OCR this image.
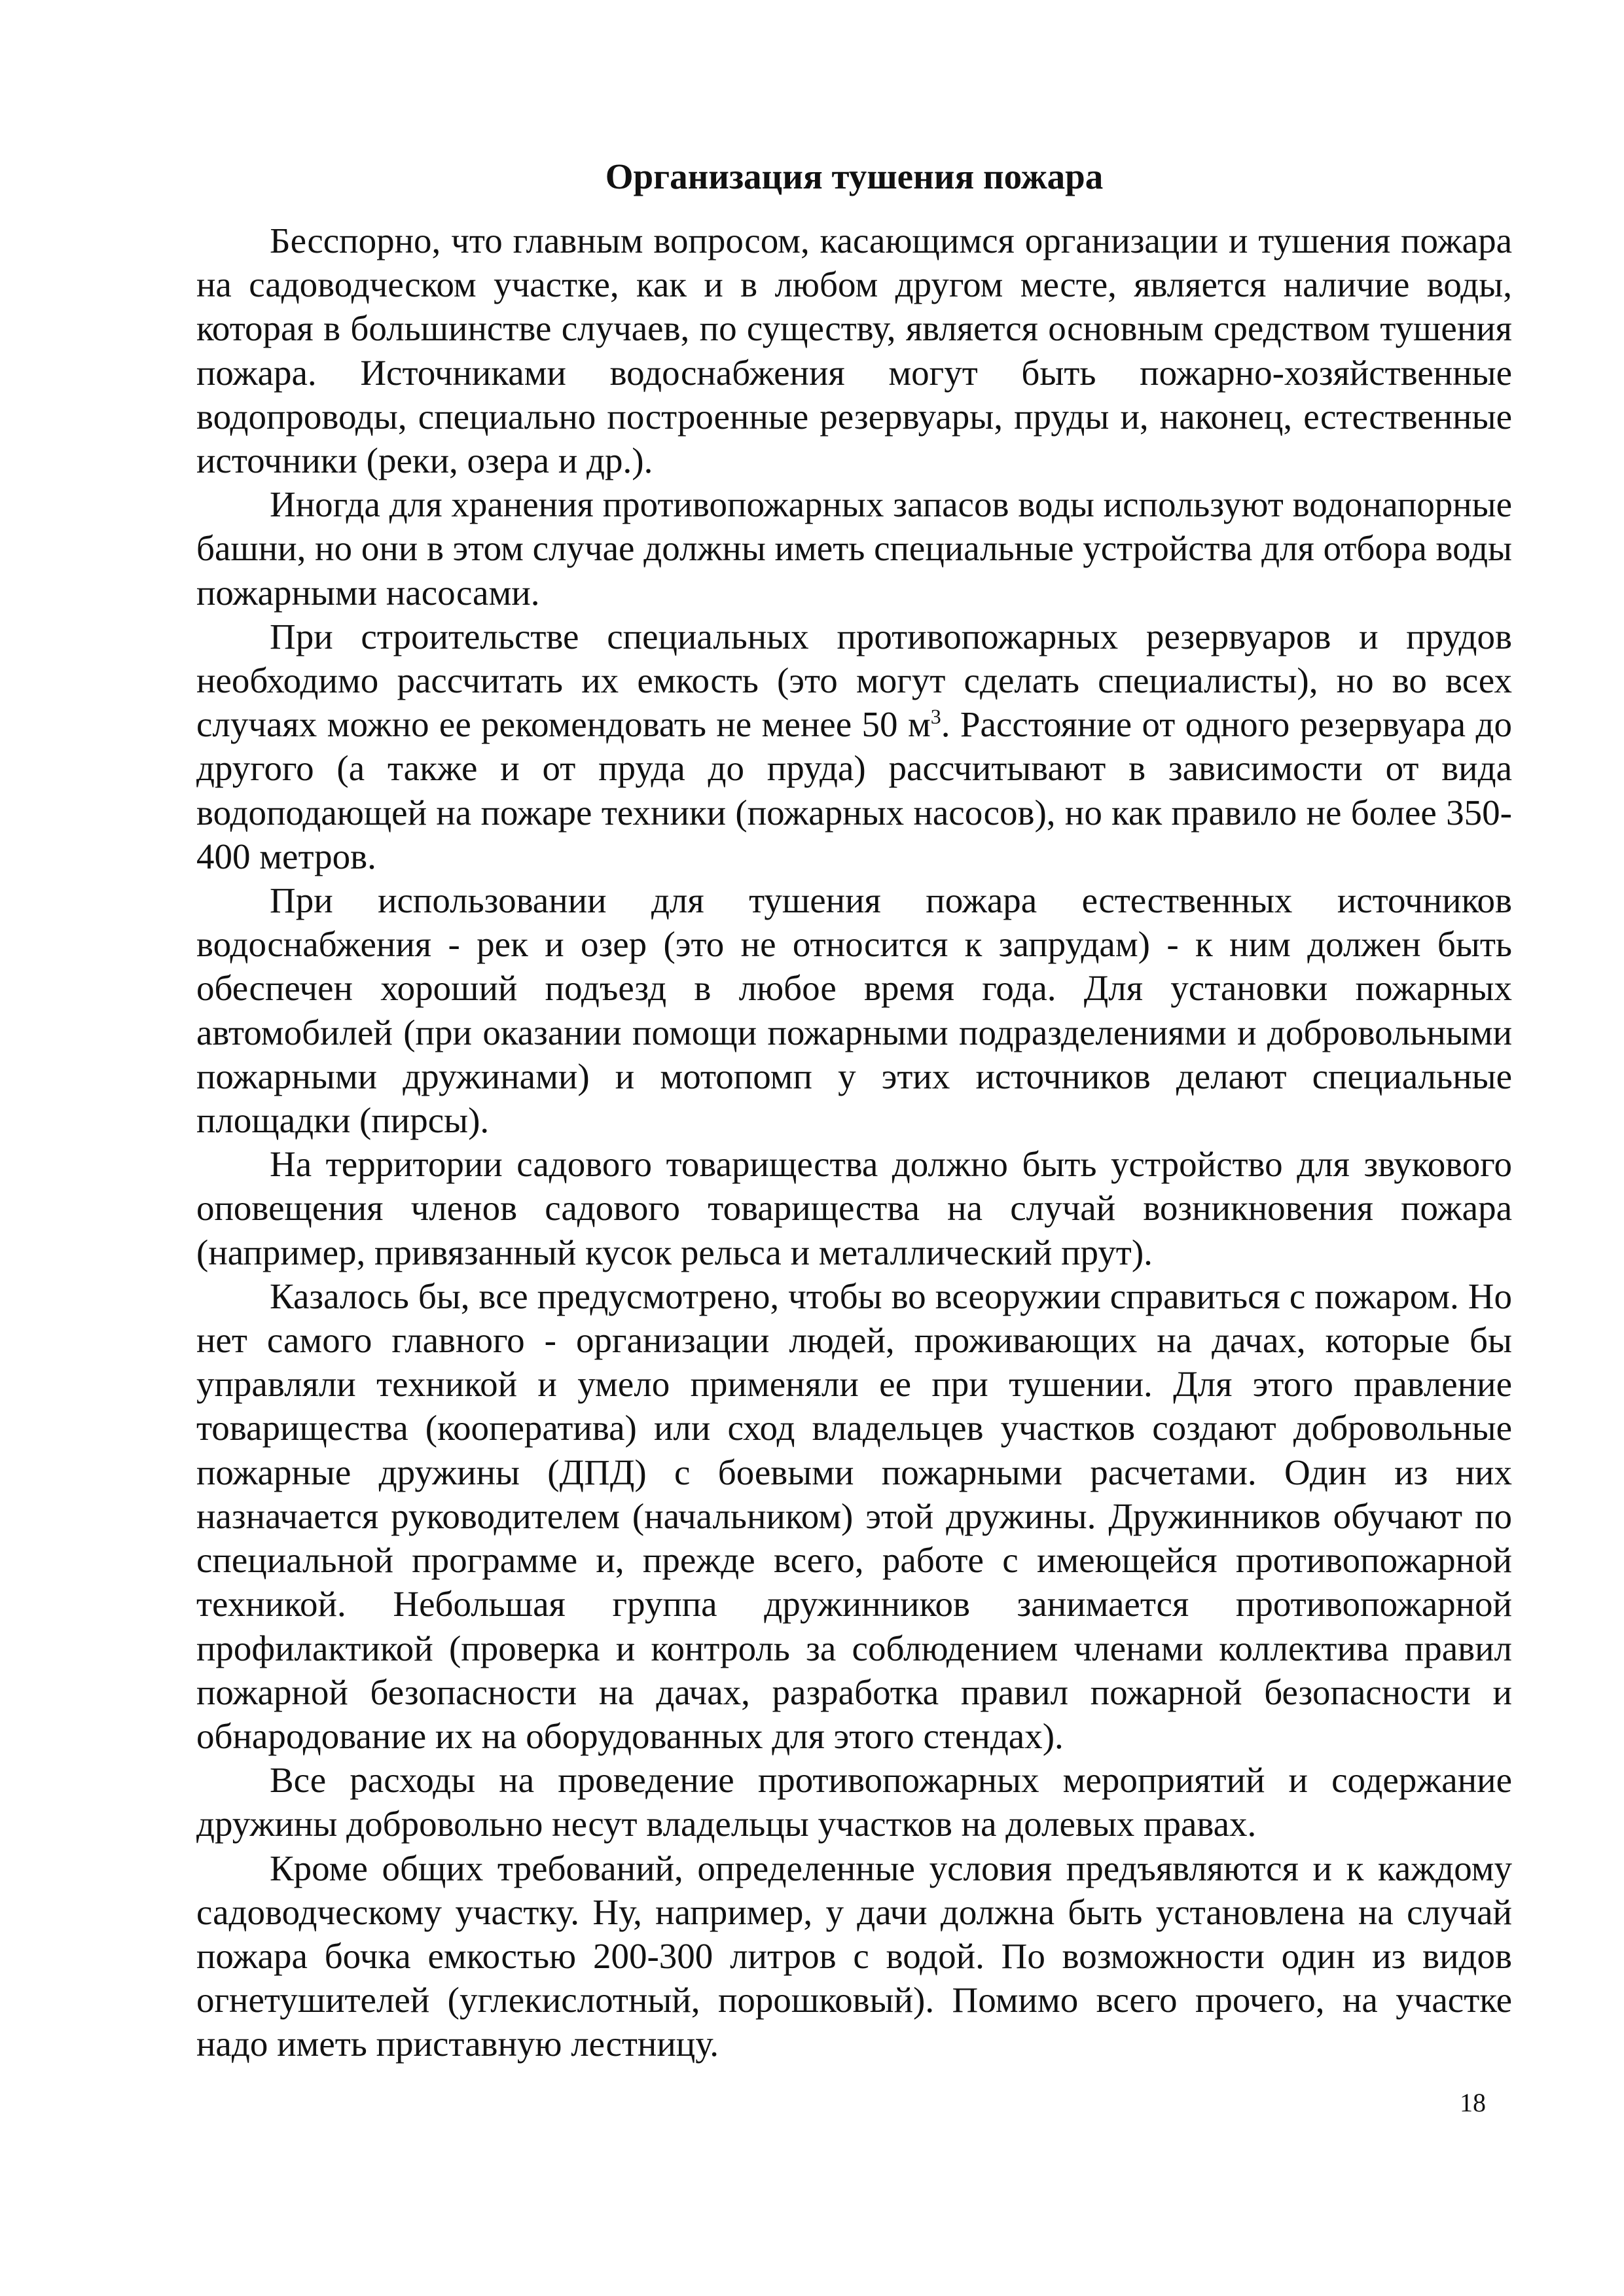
Организация тушения пожара

Бесспорно, что главным вопросом, касающимся организации и тушения пожара на садоводческом участке, как и в любом другом месте, является наличие воды, которая в большинстве случаев, по существу, является основным средством тушения пожара. Источниками водоснабжения могут быть пожарно-хозяйственные водопроводы, специально построенные резервуары, пруды и, наконец, естественные источники (реки, озера и др.).

Иногда для хранения противопожарных запасов воды используют водонапорные башни, но они в этом случае должны иметь специальные устройства для отбора воды пожарными насосами.

При строительстве специальных противопожарных резервуаров и прудов необходимо рассчитать их емкость (это могут сделать специалисты), но во всех случаях можно ее рекомендовать не менее 50 $м^3$. Расстояние от одного резервуара до другого (а также и от пруда до пруда) рассчитывают в зависимости от вида водоподающей на пожаре техники (пожарных насосов), но как правило не более 350-400 метров.

При использовании для тушения пожара естественных источников водоснабжения - рек и озер (это не относится к запрудам) - к ним должен быть обеспечен хороший подъезд в любое время года. Для установки пожарных автомобилей (при оказании помощи пожарными подразделениями и добровольными пожарными дружинами) и мотопомп у этих источников делают специальные площадки (пирсы).

На территории садового товарищества должно быть устройство для звукового оповещения членов садового товарищества на случай возникновения пожара (например, привязанный кусок рельса и металлический прут).

Казалось бы, все предусмотрено, чтобы во всеоружии справиться с пожаром. Но нет самого главного - организации людей, проживающих на дачах, которые бы управляли техникой и умело применяли ее при тушении. Для этого правление товарищества (кооператива) или сход владельцев участков создают добровольные пожарные дружины (ДПД) с боевыми пожарными расчетами. Один из них назначается руководителем (начальником) этой дружины. Дружинников обучают по специальной программе и, прежде всего, работе с имеющейся противопожарной техникой. Небольшая группа дружинников занимается противопожарной профилактикой (проверка и контроль за соблюдением членами коллектива правил пожарной безопасности на дачах, разработка правил пожарной безопасности и обнародование их на оборудованных для этого стендах).

Все расходы на проведение противопожарных мероприятий и содержание дружины добровольно несут владельцы участков на долевых правах.

Кроме общих требований, определенные условия предъявляются и к каждому садоводческому участку. Ну, например, у дачи должна быть установлена на случай пожара бочка емкостью 200-300 литров с водой. По возможности один из видов огнетушителей (углекислотный, порошковый). Помимо всего прочего, на участке надо иметь приставную лестницу.

18
